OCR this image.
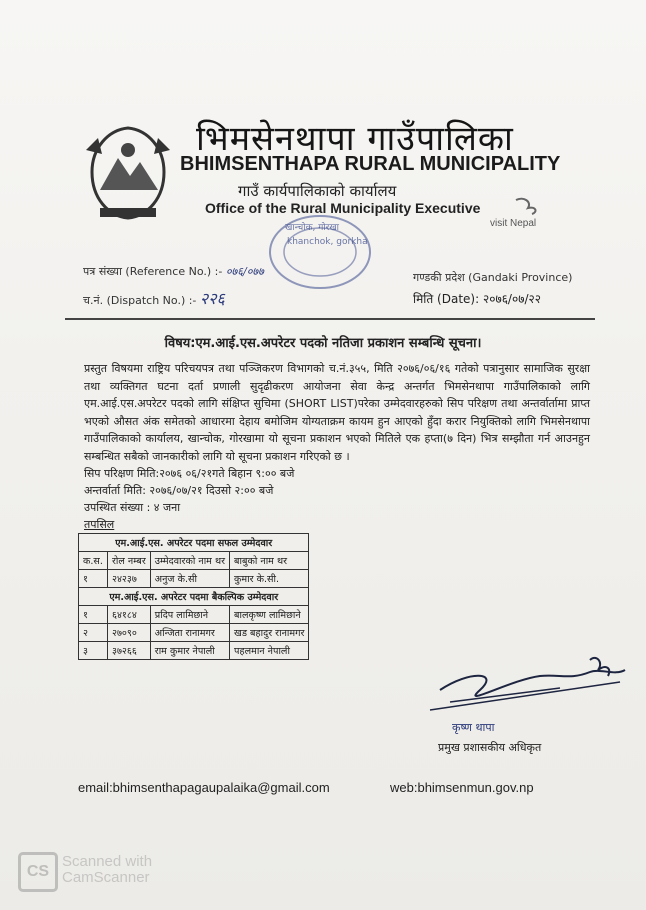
भिमसेनथापा गाउँपालिका
BHIMSENTHAPA RURAL MUNICIPALITY
गाउँ कार्यपालिकाको कार्यालय
Office of the Rural Municipality Executive
visit Nepal
खान्चोक, गोरखा
khanchok, gorkha
पत्र संख्या (Reference No.) :- ०७६/०७७
च.नं. (Dispatch No.) :- २२६
गण्डकी प्रदेश (Gandaki Province)
मिति (Date): २०७६/०७/२२
विषय:एम.आई.एस.अपरेटर पदको नतिजा प्रकाशन सम्बन्धि सूचना।
प्रस्तुत विषयमा राष्ट्रिय परिचयपत्र तथा पञ्जिकरण विभागको च.नं.३५५, मिति २०७६/०६/१६ गतेको पत्रानुसार सामाजिक सुरक्षा तथा व्यक्तिगत घटना दर्ता प्रणाली सुदृढीकरण आयोजना सेवा केन्द्र अन्तर्गत भिमसेनथापा गाउँपालिकाको लागि एम.आई.एस.अपरेटर पदको लागि संक्षिप्त सुचिमा (SHORT LIST)परेका उम्मेदवारहरुको सिप परिक्षण तथा अन्तर्वार्तामा प्राप्त भएको औसत अंक समेतको आधारमा देहाय बमोजिम योग्यताक्रम कायम हुन आएको हुँदा करार नियुक्तिको लागि भिमसेनथापा गाउँपालिकाको कार्यालय, खान्चोक, गोरखामा यो सूचना प्रकाशन भएको मितिले एक हप्ता(७ दिन) भित्र सम्झौता गर्न आउनहुन सम्बन्धित सबैको जानकारीको लागि यो सूचना प्रकाशन गरिएको छ ।
सिप परिक्षण मिति:२०७६ ०६/२१गते बिहान ९:०० बजे
अन्तर्वार्ता मिति: २०७६/०७/२१ दिउसो २:०० बजे
उपस्थित संख्या : ४ जना
तपसिल
एम.आई.एस. अपरेटर पदमा सफल उम्मेदवार			
क.स.	रोल नम्बर	उम्मेदवारको नाम थर	बाबुको नाम थर
१	२४२३७	अनुज के.सी	कुमार के.सी.
एम.आई.एस. अपरेटर पदमा बैकल्पिक उम्मेदवार			
१	६४१८४	प्रदिप लामिछाने	बालकृष्ण लामिछाने
२	२७०९०	अन्जिता रानामगर	खड बहादुर रानामगर
३	३७२६६	राम कुमार नेपाली	पहलमान नेपाली
कृष्ण थापा
प्रमुख प्रशासकीय अधिकृत
email:bhimsenthapagaupalaika@gmail.com	web:bhimsenmun.gov.np
CS
Scanned with
CamScanner
